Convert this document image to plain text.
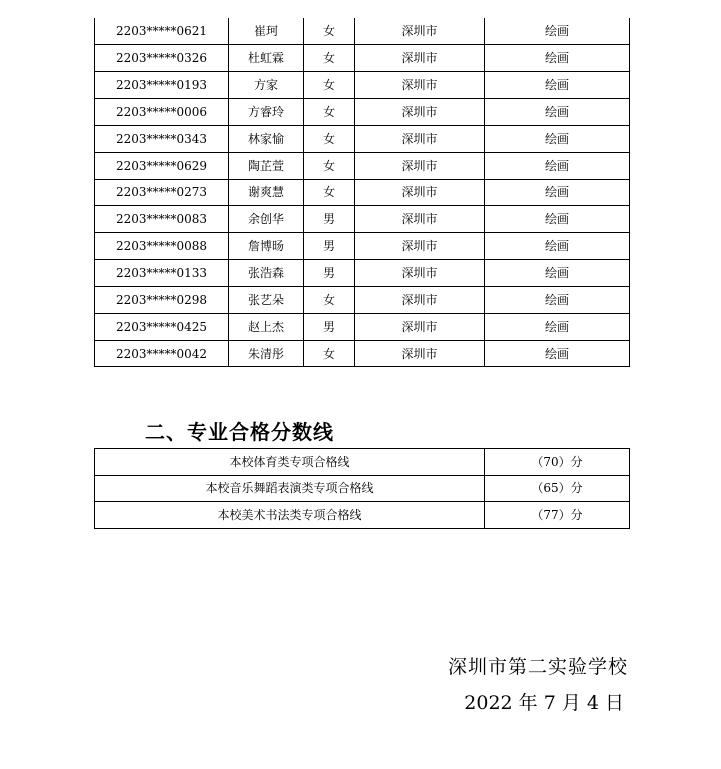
2203*****0621	崔珂	女	深圳市	绘画
2203*****0326	杜虹霖	女	深圳市	绘画
2203*****0193	方家	女	深圳市	绘画
2203*****0006	方睿玲	女	深圳市	绘画
2203*****0343	林家愉	女	深圳市	绘画
2203*****0629	陶芷萱	女	深圳市	绘画
2203*****0273	谢爽慧	女	深圳市	绘画
2203*****0083	余创华	男	深圳市	绘画
2203*****0088	詹博旸	男	深圳市	绘画
2203*****0133	张浩森	男	深圳市	绘画
2203*****0298	张艺朵	女	深圳市	绘画
2203*****0425	赵上杰	男	深圳市	绘画
2203*****0042	朱清彤	女	深圳市	绘画
二、专业合格分数线
本校体育类专项合格线	（70）分
本校音乐舞蹈表演类专项合格线	（65）分
本校美术书法类专项合格线	（77）分
深圳市第二实验学校
2022 年 7 月 4 日
